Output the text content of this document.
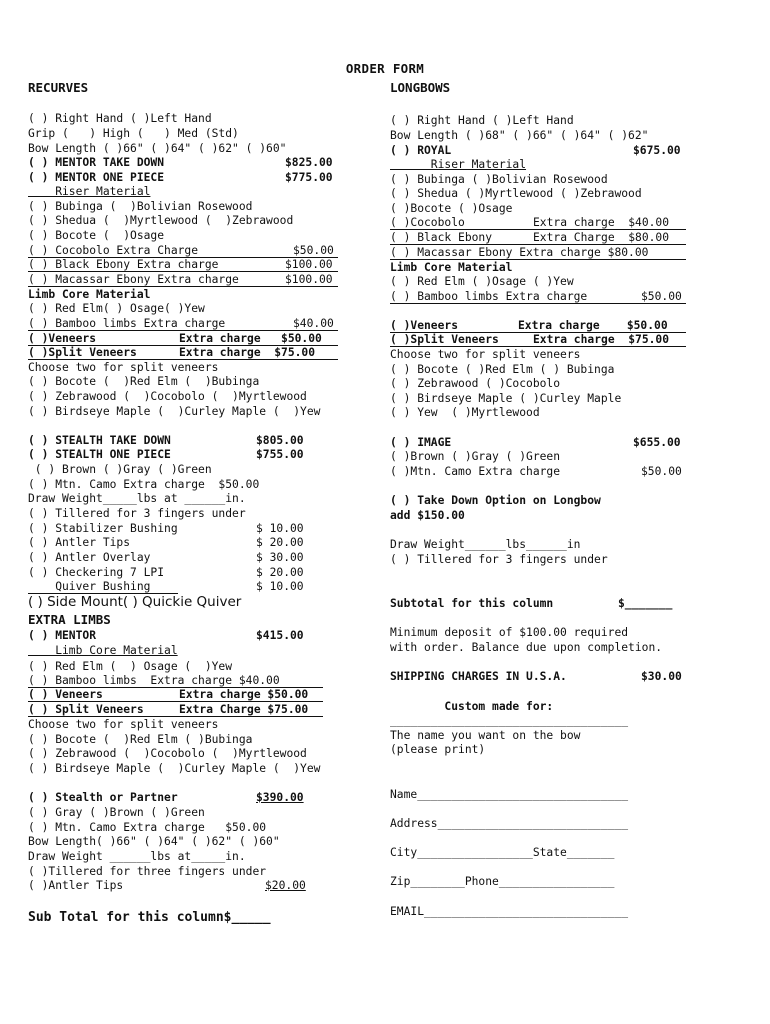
ORDER FORM
RECURVES
( ) Right Hand ( )Left Hand
Grip (   ) High (   ) Med (Std)
Bow Length ( )66" ( )64" ( )62" ( )60"
( ) MENTOR TAKE DOWN	$825.00
( ) MENTOR ONE PIECE	$775.00
Riser Material
( ) Bubinga (  )Bolivian Rosewood
( ) Shedua (  )Myrtlewood (  )Zebrawood
( ) Bocote (  )Osage
( ) Cocobolo Extra Charge	$50.00
( ) Black Ebony Extra charge	$100.00
( ) Macassar Ebony Extra charge	$100.00
Limb Core Material
( ) Red Elm( ) Osage( )Yew
( ) Bamboo limbs Extra charge	$40.00
( )Veneers	Extra charge   $50.00
( )Split Veneers	Extra charge  $75.00
Choose two for split veneers
( ) Bocote (  )Red Elm (  )Bubinga
( ) Zebrawood (  )Cocobolo (  )Myrtlewood
( ) Birdseye Maple (  )Curley Maple (  )Yew
( ) STEALTH TAKE DOWN	$805.00
( ) STEALTH ONE PIECE	$755.00
( ) Brown ( )Gray ( )Green
( ) Mtn. Camo Extra charge  $50.00
Draw Weight_____lbs at ______in.
( ) Tillered for 3 fingers under
( ) Stabilizer Bushing	$ 10.00
( ) Antler Tips	$ 20.00
( ) Antler Overlay	$ 30.00
( ) Checkering 7 LPI	$ 20.00
Quiver Bushing	$ 10.00
( ) Side Mount( ) Quickie Quiver
EXTRA LIMBS
( ) MENTOR	$415.00
Limb Core Material
( ) Red Elm (  ) Osage (  )Yew
( ) Bamboo limbs  Extra charge $40.00
( ) Veneers	Extra charge $50.00
( ) Split Veneers	Extra Charge $75.00
Choose two for split veneers
( ) Bocote (  )Red Elm ( )Bubinga
( ) Zebrawood (  )Cocobolo (  )Myrtlewood
( ) Birdseye Maple (  )Curley Maple (  )Yew
( ) Stealth or Partner	$390.00
( ) Gray ( )Brown ( )Green
( ) Mtn. Camo Extra charge   $50.00
Bow Length( )66" ( )64" ( )62" ( )60"
Draw Weight ______lbs at_____in.
( )Tillered for three fingers under
( )Antler Tips	$20.00
Sub Total for this column$_____
LONGBOWS
( ) Right Hand ( )Left Hand
Bow Length ( )68" ( )66" ( )64" ( )62"
( ) ROYAL	$675.00
Riser Material
( ) Bubinga ( )Bolivian Rosewood
( ) Shedua ( )Myrtlewood ( )Zebrawood
( )Bocote ( )Osage
( )Cocobolo	Extra charge  $40.00
( ) Black Ebony	Extra Charge  $80.00
( ) Macassar Ebony Extra charge $80.00
Limb Core Material
( ) Red Elm ( )Osage ( )Yew
( ) Bamboo limbs Extra charge	$50.00
( )Veneers	Extra charge    $50.00
( )Split Veneers	Extra charge  $75.00
Choose two for split veneers
( ) Bocote ( )Red Elm ( ) Bubinga
( ) Zebrawood ( )Cocobolo
( ) Birdseye Maple ( )Curley Maple
( ) Yew  ( )Myrtlewood
( ) IMAGE	$655.00
( )Brown ( )Gray ( )Green
( )Mtn. Camo Extra charge	$50.00
( ) Take Down Option on Longbow
add $150.00
Draw Weight______lbs______in
( ) Tillered for 3 fingers under
Subtotal for this column	$_______
Minimum deposit of $100.00 required
with order. Balance due upon completion.
SHIPPING CHARGES IN U.S.A.	$30.00
Custom made for:
___________________________________
The name you want on the bow
(please print)
Name_______________________________
Address____________________________
City_________________State_______
Zip________Phone_________________
EMAIL______________________________
